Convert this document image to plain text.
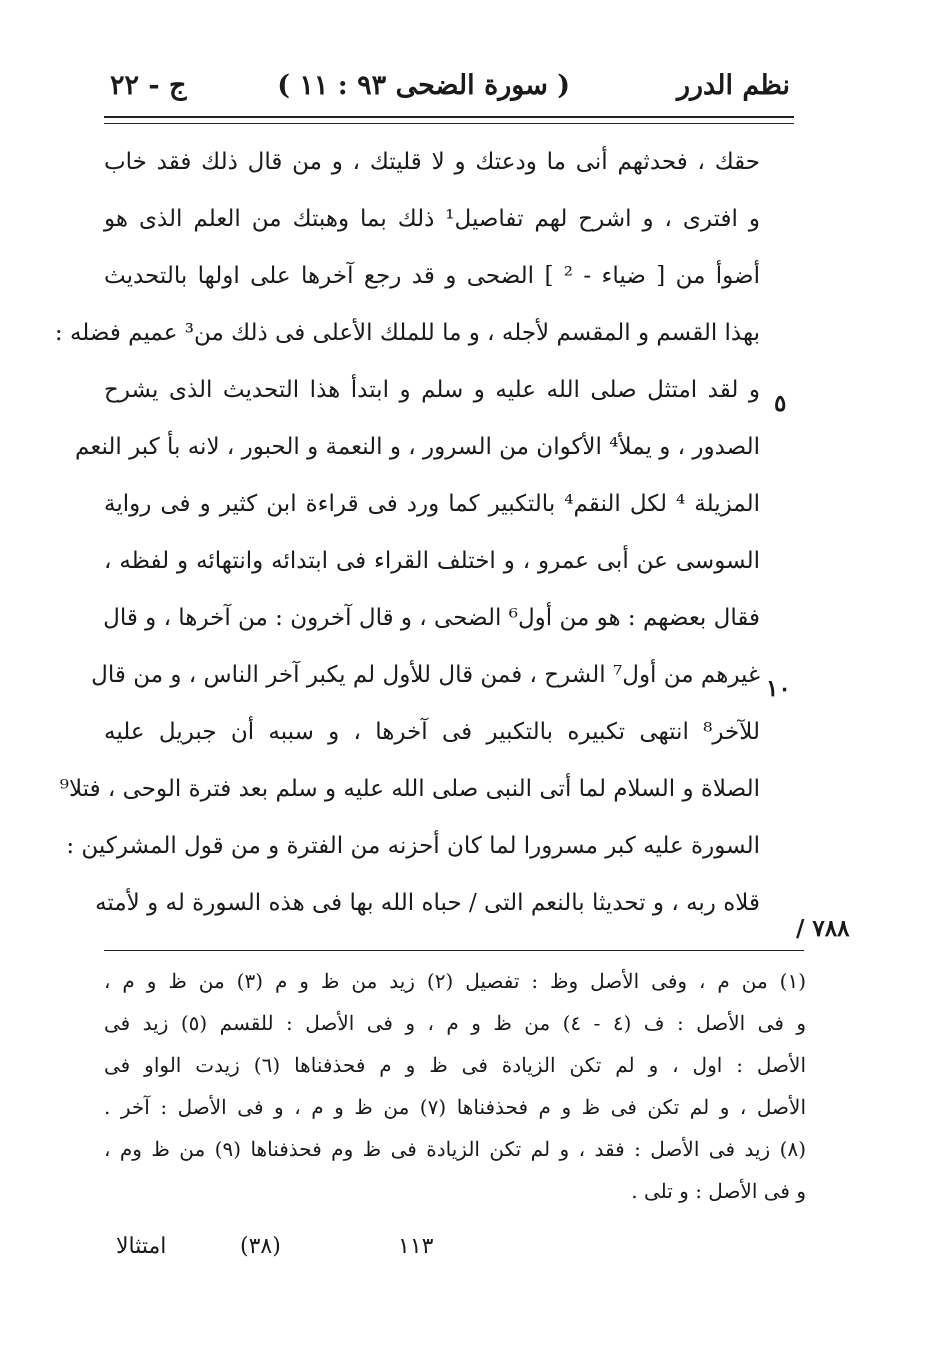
نظم الدرر
( سورة الضحى ٩٣ : ١١ )
ج - ٢٢
حقك ، فحدثهم أنى ما ودعتك و لا قليتك ، و من قال ذلك فقد خاب
و افترى ، و اشرح لهم تفاصيل¹ ذلك بما وهبتك من العلم الذى هو
أضوأ من [ ضياء - ² ] الضحى و قد رجع آخرها على اولها بالتحديث
بهذا القسم و المقسم لأجله ، و ما للملك الأعلى فى ذلك من³ عميم فضله :
و لقد امتثل صلى الله عليه و سلم و ابتدأ هذا التحديث الذى يشرح
الصدور ، و يملأ⁴ الأكوان من السرور ، و النعمة و الحبور ، لانه بأ كبر النعم
المزيلة ⁴ لكل النقم⁴ بالتكبير كما ورد فى قراءة ابن كثير و فى رواية
السوسى عن أبى عمرو ، و اختلف القراء فى ابتدائه وانتهائه و لفظه ،
فقال بعضهم : هو من أول⁶ الضحى ، و قال آخرون : من آخرها ، و قال
غيرهم من أول⁷ الشرح ، فمن قال للأول لم يكبر آخر الناس ، و من قال
للآخر⁸ انتهى تكبيره بالتكبير فى آخرها ، و سببه أن جبريل عليه
الصلاة و السلام لما أتى النبى صلى الله عليه و سلم بعد فترة الوحى ، فتلا⁹
السورة عليه كبر مسرورا لما كان أحزنه من الفترة و من قول المشركين :
قلاه ربه ، و تحديثا بالنعم التى / حباه الله بها فى هذه السورة له و لأمته
٥
١٠
/ ٧٨٨
(١) من م ، وفى الأصل وظ : تفصيل (٢) زيد من ظ و م (٣) من ظ و م ،
و فى الأصل : ف (٤ - ٤) من ظ و م ، و فى الأصل : للقسم (٥) زيد فى
الأصل : اول ، و لم تكن الزيادة فى ظ و م فحذفناها (٦) زيدت الواو فى
الأصل ، و لم تكن فى ظ و م فحذفناها (٧) من ظ و م ، و فى الأصل : آخر .
(٨) زيد فى الأصل : فقد ، و لم تكن الزيادة فى ظ وم فحذفناها (٩) من ظ وم ،
و فى الأصل : و تلى .
امتثالا	(٣٨)	١١٣
